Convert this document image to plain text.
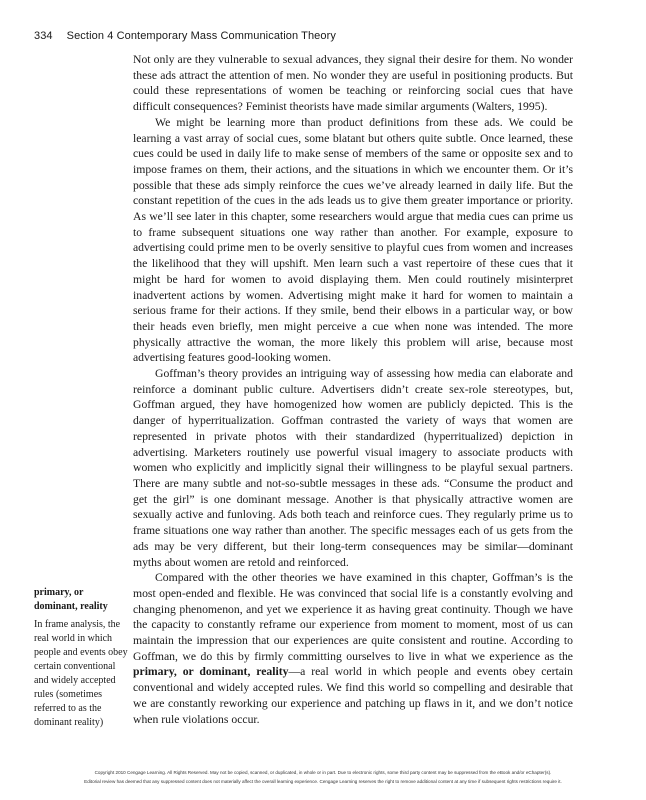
334 Section 4 Contemporary Mass Communication Theory

Not only are they vulnerable to sexual advances, they signal their desire for them. No wonder these ads attract the attention of men. No wonder they are useful in positioning products. But could these representations of women be teaching or reinforcing social cues that have difficult consequences? Feminist theorists have made similar arguments (Walters, 1995).

We might be learning more than product definitions from these ads. We could be learning a vast array of social cues, some blatant but others quite subtle. Once learned, these cues could be used in daily life to make sense of members of the same or opposite sex and to impose frames on them, their actions, and the situations in which we encounter them. Or it’s possible that these ads simply reinforce the cues we’ve already learned in daily life. But the constant repetition of the cues in the ads leads us to give them greater importance or priority. As we’ll see later in this chapter, some researchers would argue that media cues can prime us to frame subsequent situations one way rather than another. For example, exposure to advertising could prime men to be overly sensitive to playful cues from women and increases the likelihood that they will upshift. Men learn such a vast repertoire of these cues that it might be hard for women to avoid displaying them. Men could routinely misinterpret inadvertent actions by women. Advertising might make it hard for women to maintain a serious frame for their actions. If they smile, bend their elbows in a particular way, or bow their heads even briefly, men might perceive a cue when none was intended. The more physically attractive the woman, the more likely this problem will arise, because most advertising features good-looking women.

Goffman’s theory provides an intriguing way of assessing how media can elaborate and reinforce a dominant public culture. Advertisers didn’t create sex-role stereotypes, but, Goffman argued, they have homogenized how women are publicly depicted. This is the danger of hyperritualization. Goffman contrasted the variety of ways that women are represented in private photos with their standardized (hyperritualized) depiction in advertising. Marketers routinely use powerful visual imagery to associate products with women who explicitly and implicitly signal their willingness to be playful sexual partners. There are many subtle and not-so-subtle messages in these ads. “Consume the product and get the girl” is one dominant message. Another is that physically attractive women are sexually active and funloving. Ads both teach and reinforce cues. They regularly prime us to frame situations one way rather than another. The specific messages each of us gets from the ads may be very different, but their long-term consequences may be similar—dominant myths about women are retold and reinforced.

Compared with the other theories we have examined in this chapter, Goffman’s is the most open-ended and flexible. He was convinced that social life is a constantly evolving and changing phenomenon, and yet we experience it as having great continuity. Though we have the capacity to constantly reframe our experience from moment to moment, most of us can maintain the impression that our experiences are quite consistent and routine. According to Goffman, we do this by firmly committing ourselves to live in what we experience as the primary, or dominant, reality—a real world in which people and events obey certain conventional and widely accepted rules. We find this world so compelling and desirable that we are constantly reworking our experience and patching up flaws in it, and we don’t notice when rule violations occur.

primary, or dominant, reality

In frame analysis, the real world in which people and events obey certain conventional and widely accepted rules (sometimes referred to as the dominant reality)

Copyright 2010 Cengage Learning. All Rights Reserved. May not be copied, scanned, or duplicated, in whole or in part. Due to electronic rights, some third party content may be suppressed from the eBook and/or eChapter(s).
Editorial review has deemed that any suppressed content does not materially affect the overall learning experience. Cengage Learning reserves the right to remove additional content at any time if subsequent rights restrictions require it.
